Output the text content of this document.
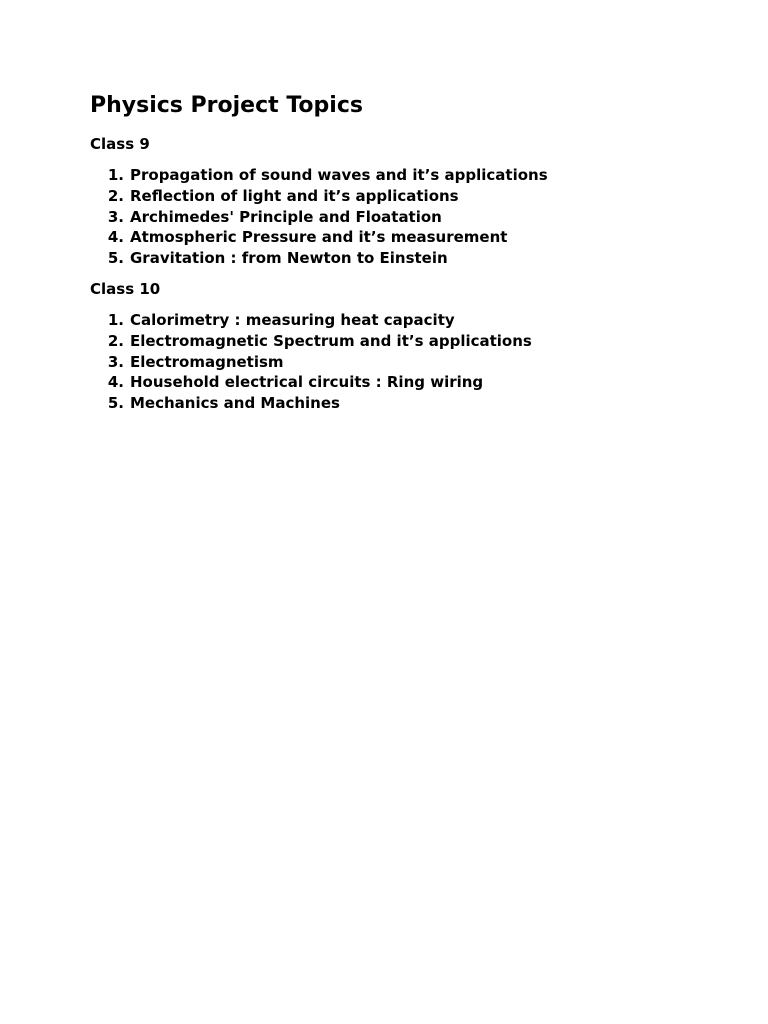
Physics Project Topics
Class 9
1. Propagation of sound waves and it’s applications
2. Reflection of light and it’s applications
3. Archimedes' Principle and Floatation
4. Atmospheric Pressure and it’s measurement
5. Gravitation : from Newton to Einstein
Class 10
1. Calorimetry : measuring heat capacity
2. Electromagnetic Spectrum and it’s applications
3. Electromagnetism
4. Household electrical circuits : Ring wiring
5. Mechanics and Machines
